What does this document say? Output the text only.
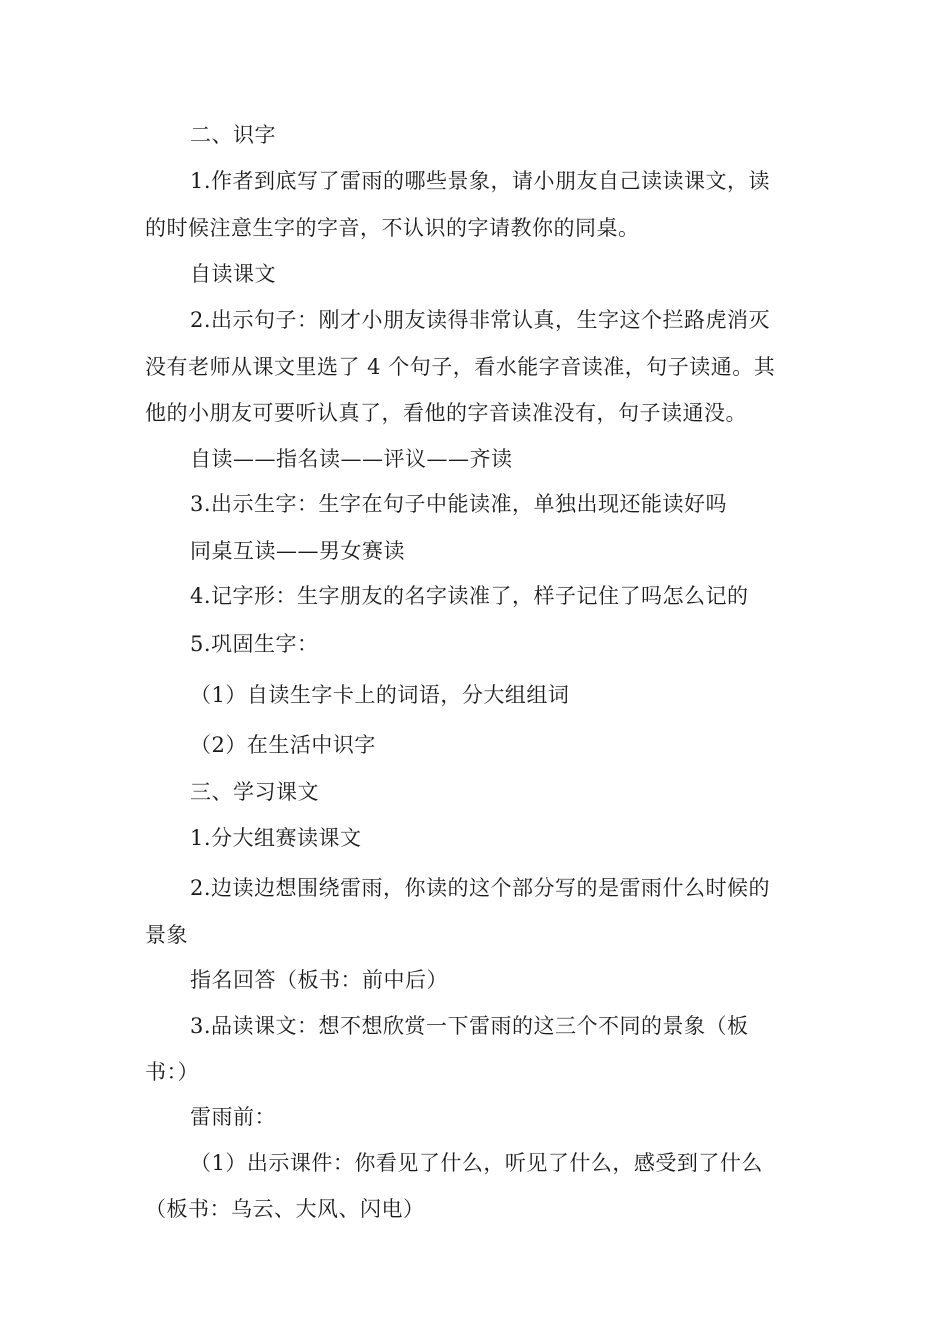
二、识字
1.作者到底写了雷雨的哪些景象，请小朋友自己读读课文，读
的时候注意生字的字音，不认识的字请教你的同桌。
自读课文
2.出示句子：刚才小朋友读得非常认真，生字这个拦路虎消灭
没有老师从课文里选了 4 个句子，看水能字音读准，句子读通。其
他的小朋友可要听认真了，看他的字音读准没有，句子读通没。
自读——指名读——评议——齐读
3.出示生字：生字在句子中能读准，单独出现还能读好吗
同桌互读——男女赛读
4.记字形：生字朋友的名字读准了，样子记住了吗怎么记的
5.巩固生字：
（1）自读生字卡上的词语，分大组组词
（2）在生活中识字
三、学习课文
1.分大组赛读课文
2.边读边想围绕雷雨，你读的这个部分写的是雷雨什么时候的
景象
指名回答（板书：前中后）
3.品读课文：想不想欣赏一下雷雨的这三个不同的景象（板
书：）
雷雨前：
（1）出示课件：你看见了什么，听见了什么，感受到了什么
（板书：乌云、大风、闪电）
